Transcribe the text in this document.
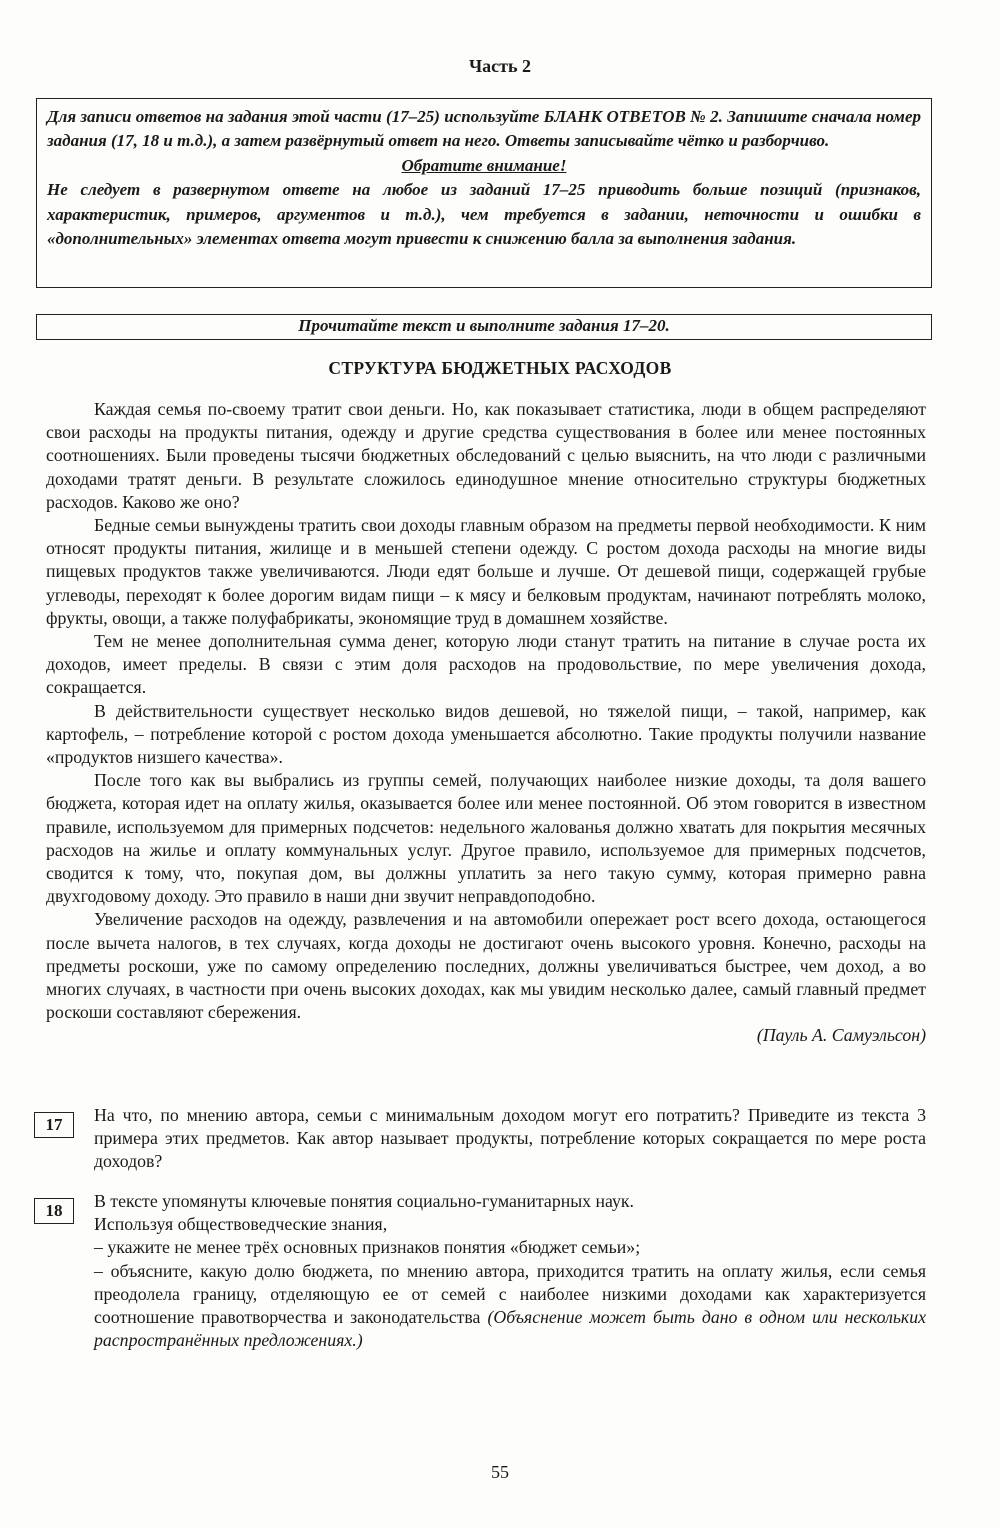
Часть 2

Для записи ответов на задания этой части (17–25) используйте БЛАНК ОТВЕТОВ № 2. Запишите сначала номер задания (17, 18 и т.д.), а затем развёрнутый ответ на него. Ответы записывайте чётко и разборчиво.

Обратите внимание!

Не следует в развернутом ответе на любое из заданий 17–25 приводить больше позиций (признаков, характеристик, примеров, аргументов и т.д.), чем требуется в задании, неточности и ошибки в «дополнительных» элементах ответа могут привести к снижению балла за выполнения задания.

Прочитайте текст и выполните задания 17–20.
СТРУКТУРА БЮДЖЕТНЫХ РАСХОДОВ

Каждая семья по-своему тратит свои деньги. Но, как показывает статистика, люди в общем распределяют свои расходы на продукты питания, одежду и другие средства существования в более или менее постоянных соотношениях. Были проведены тысячи бюджетных обследований с целью выяснить, на что люди с различными доходами тратят деньги. В результате сложилось единодушное мнение относительно структуры бюджетных расходов. Каково же оно?

Бедные семьи вынуждены тратить свои доходы главным образом на предметы первой необходимости. К ним относят продукты питания, жилище и в меньшей степени одежду. С ростом дохода расходы на многие виды пищевых продуктов также увеличиваются. Люди едят больше и лучше. От дешевой пищи, содержащей грубые углеводы, переходят к более дорогим видам пищи – к мясу и белковым продуктам, начинают потреблять молоко, фрукты, овощи, а также полуфабрикаты, экономящие труд в домашнем хозяйстве.

Тем не менее дополнительная сумма денег, которую люди станут тратить на питание в случае роста их доходов, имеет пределы. В связи с этим доля расходов на продовольствие, по мере увеличения дохода, сокращается.

В действительности существует несколько видов дешевой, но тяжелой пищи, – такой, например, как картофель, – потребление которой с ростом дохода уменьшается абсолютно. Такие продукты получили название «продуктов низшего качества».

После того как вы выбрались из группы семей, получающих наиболее низкие доходы, та доля вашего бюджета, которая идет на оплату жилья, оказывается более или менее постоянной. Об этом говорится в известном правиле, используемом для примерных подсчетов: недельного жалованья должно хватать для покрытия месячных расходов на жилье и оплату коммунальных услуг. Другое правило, используемое для примерных подсчетов, сводится к тому, что, покупая дом, вы должны уплатить за него такую сумму, которая примерно равна двухгодовому доходу. Это правило в наши дни звучит неправдоподобно.

Увеличение расходов на одежду, развлечения и на автомобили опережает рост всего дохода, остающегося после вычета налогов, в тех случаях, когда доходы не достигают очень высокого уровня. Конечно, расходы на предметы роскоши, уже по самому определению последних, должны увеличиваться быстрее, чем доход, а во многих случаях, в частности при очень высоких доходах, как мы увидим несколько далее, самый главный предмет роскоши составляют сбережения.

(Пауль А. Самуэльсон)

17	На что, по мнению автора, семьи с минимальным доходом могут его потратить? Приведите из текста 3 примера этих предметов. Как автор называет продукты, потребление которых сокращается по мере роста доходов?

18	В тексте упомянуты ключевые понятия социально-гуманитарных наук.

Используя обществоведческие знания,

– укажите не менее трёх основных признаков понятия «бюджет семьи»;

– объясните, какую долю бюджета, по мнению автора, приходится тратить на оплату жилья, если семья преодолела границу, отделяющую ее от семей с наиболее низкими доходами как характеризуется соотношение правотворчества и законодательства (Объяснение может быть дано в одном или нескольких распространённых предложениях.)

55
